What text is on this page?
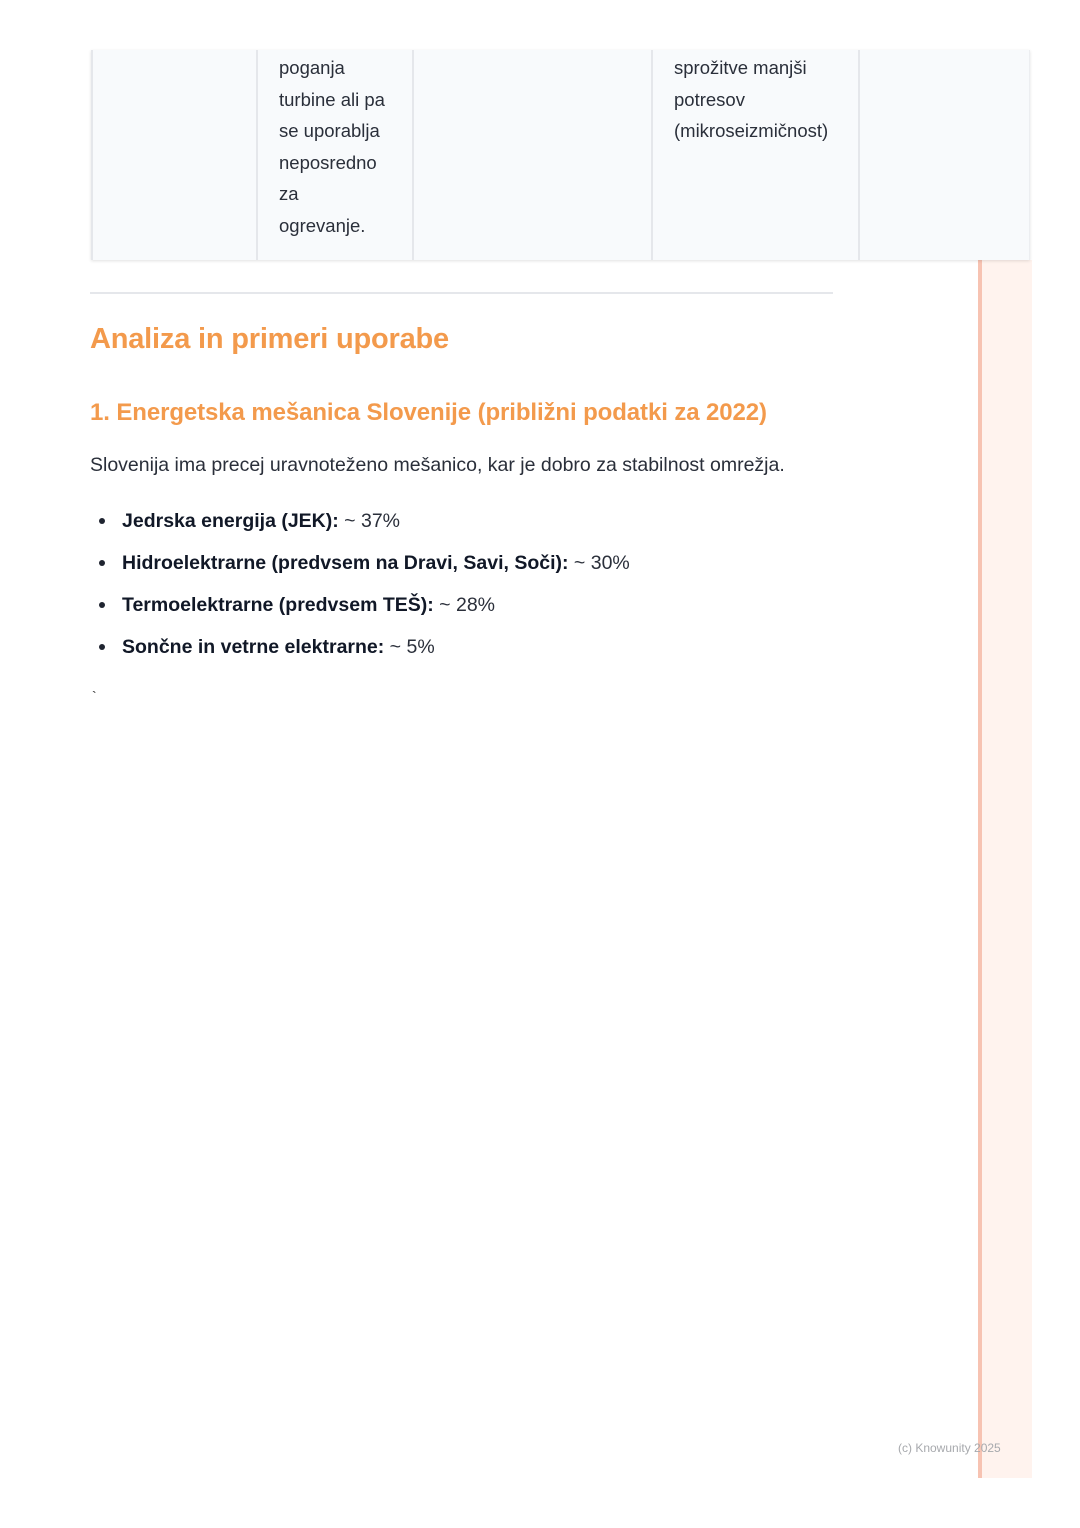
poganja
turbine ali pa
se uporablja
neposredno
za
ogrevanje.
sprožitve manjši
potresov
(mikroseizmičnost)
Analiza in primeri uporabe
1. Energetska mešanica Slovenije (približni podatki za 2022)

Slovenija ima precej uravnoteženo mešanico, kar je dobro za stabilnost omrežja.

Jedrska energija (JEK): ~ 37%
Hidroelektrarne (predvsem na Dravi, Savi, Soči): ~ 30%
Termoelektrarne (predvsem TEŠ): ~ 28%
Sončne in vetrne elektrarne: ~ 5%
`
(c) Knowunity 2025
